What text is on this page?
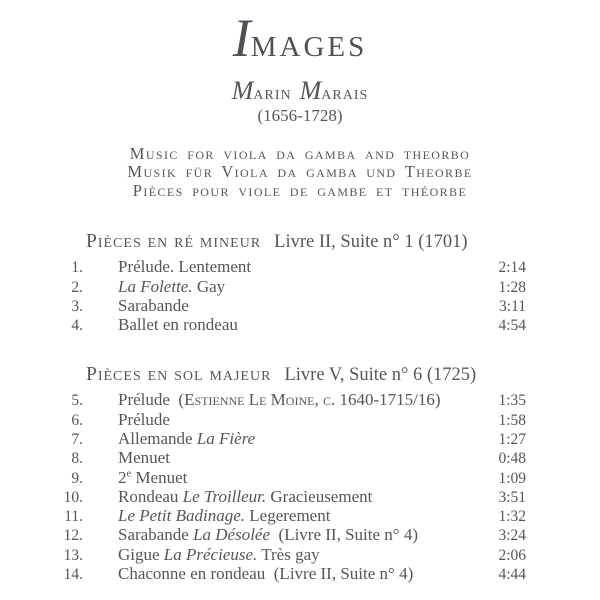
Images
Marin Marais
(1656-1728)
Music for viola da gamba and theorbo
Musik für Viola da gamba und Theorbe
Pièces pour viole de gambe et théorbe
Pièces en ré mineur Livre II, Suite n° 1 (1701)
1. Prélude. Lentement	2:14
2. La Folette. Gay	1:28
3. Sarabande	3:11
4. Ballet en rondeau	4:54
Pièces en sol majeur Livre V, Suite n° 6 (1725)
5. Prélude (Estienne Le Moine, c. 1640-1715/16)	1:35
6. Prélude	1:58
7. Allemande La Fière	1:27
8. Menuet	0:48
9. 2e Menuet	1:09
10. Rondeau Le Troilleur. Gracieusement	3:51
11. Le Petit Badinage. Legerement	1:32
12. Sarabande La Désolée (Livre II, Suite n° 4)	3:24
13. Gigue La Précieuse. Très gay	2:06
14. Chaconne en rondeau (Livre II, Suite n° 4)	4:44
